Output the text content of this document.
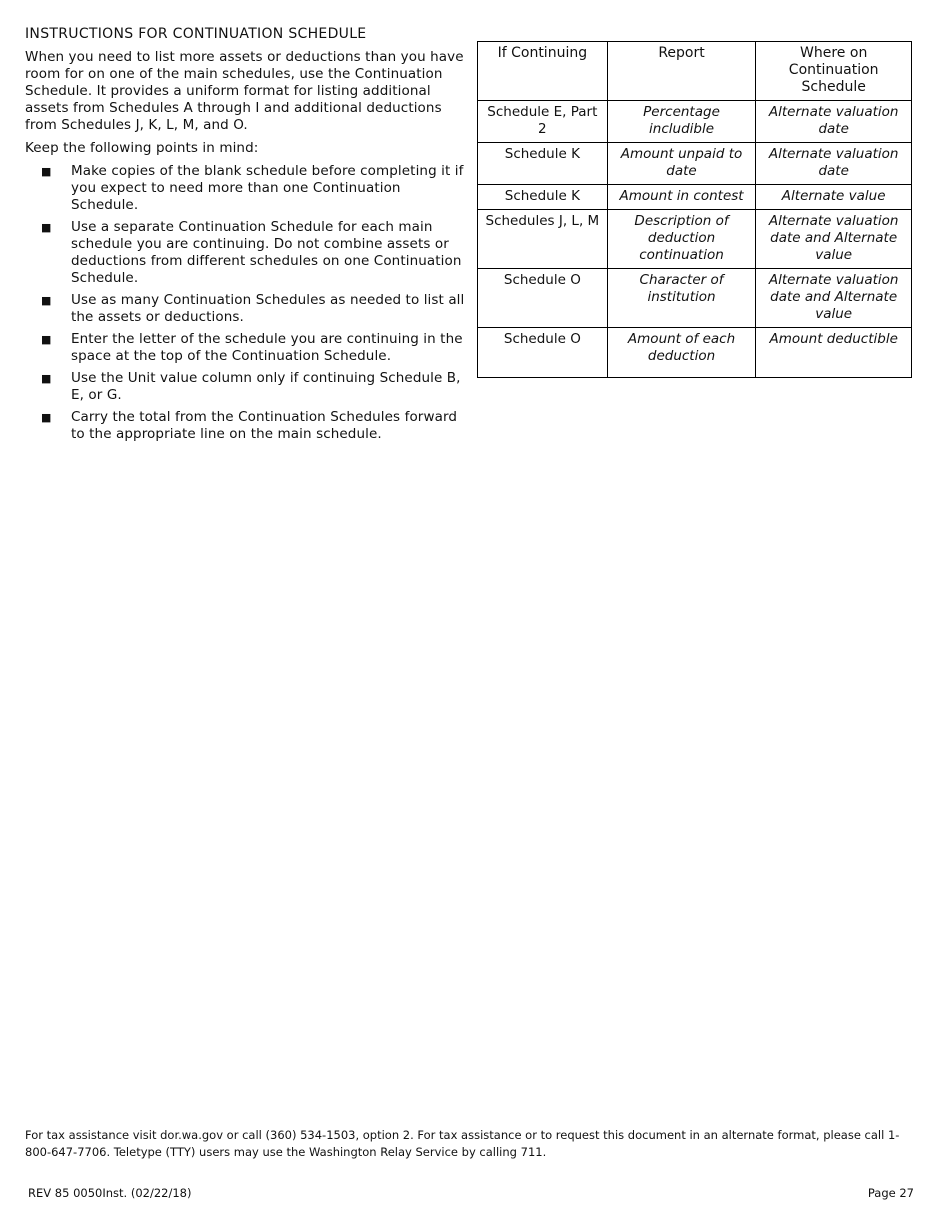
INSTRUCTIONS FOR CONTINUATION SCHEDULE

When you need to list more assets or deductions than you have room for on one of the main schedules, use the Continuation Schedule. It provides a uniform format for listing additional assets from Schedules A through I and additional deductions from Schedules J, K, L, M, and O.

Keep the following points in mind:

■ Make copies of the blank schedule before completing it if you expect to need more than one Continuation Schedule.
■ Use a separate Continuation Schedule for each main schedule you are continuing. Do not combine assets or deductions from different schedules on one Continuation Schedule.
■ Use as many Continuation Schedules as needed to list all the assets or deductions.
■ Enter the letter of the schedule you are continuing in the space at the top of the Continuation Schedule.
■ Use the Unit value column only if continuing Schedule B, E, or G.
■ Carry the total from the Continuation Schedules forward to the appropriate line on the main schedule.
If Continuing	Report	Where on Continuation Schedule
Schedule E, Part 2	Percentage includible	Alternate valuation date
Schedule K	Amount unpaid to date	Alternate valuation date
Schedule K	Amount in contest	Alternate value
Schedules J, L, M	Description of deduction continuation	Alternate valuation date and Alternate value
Schedule O	Character of institution	Alternate valuation date and Alternate value
Schedule O	Amount of each deduction	Amount deductible
For tax assistance visit dor.wa.gov or call (360) 534-1503, option 2. For tax assistance or to request this document in an alternate format, please call 1-800-647-7706. Teletype (TTY) users may use the Washington Relay Service by calling 711.
REV 85 0050Inst. (02/22/18)	Page 27
